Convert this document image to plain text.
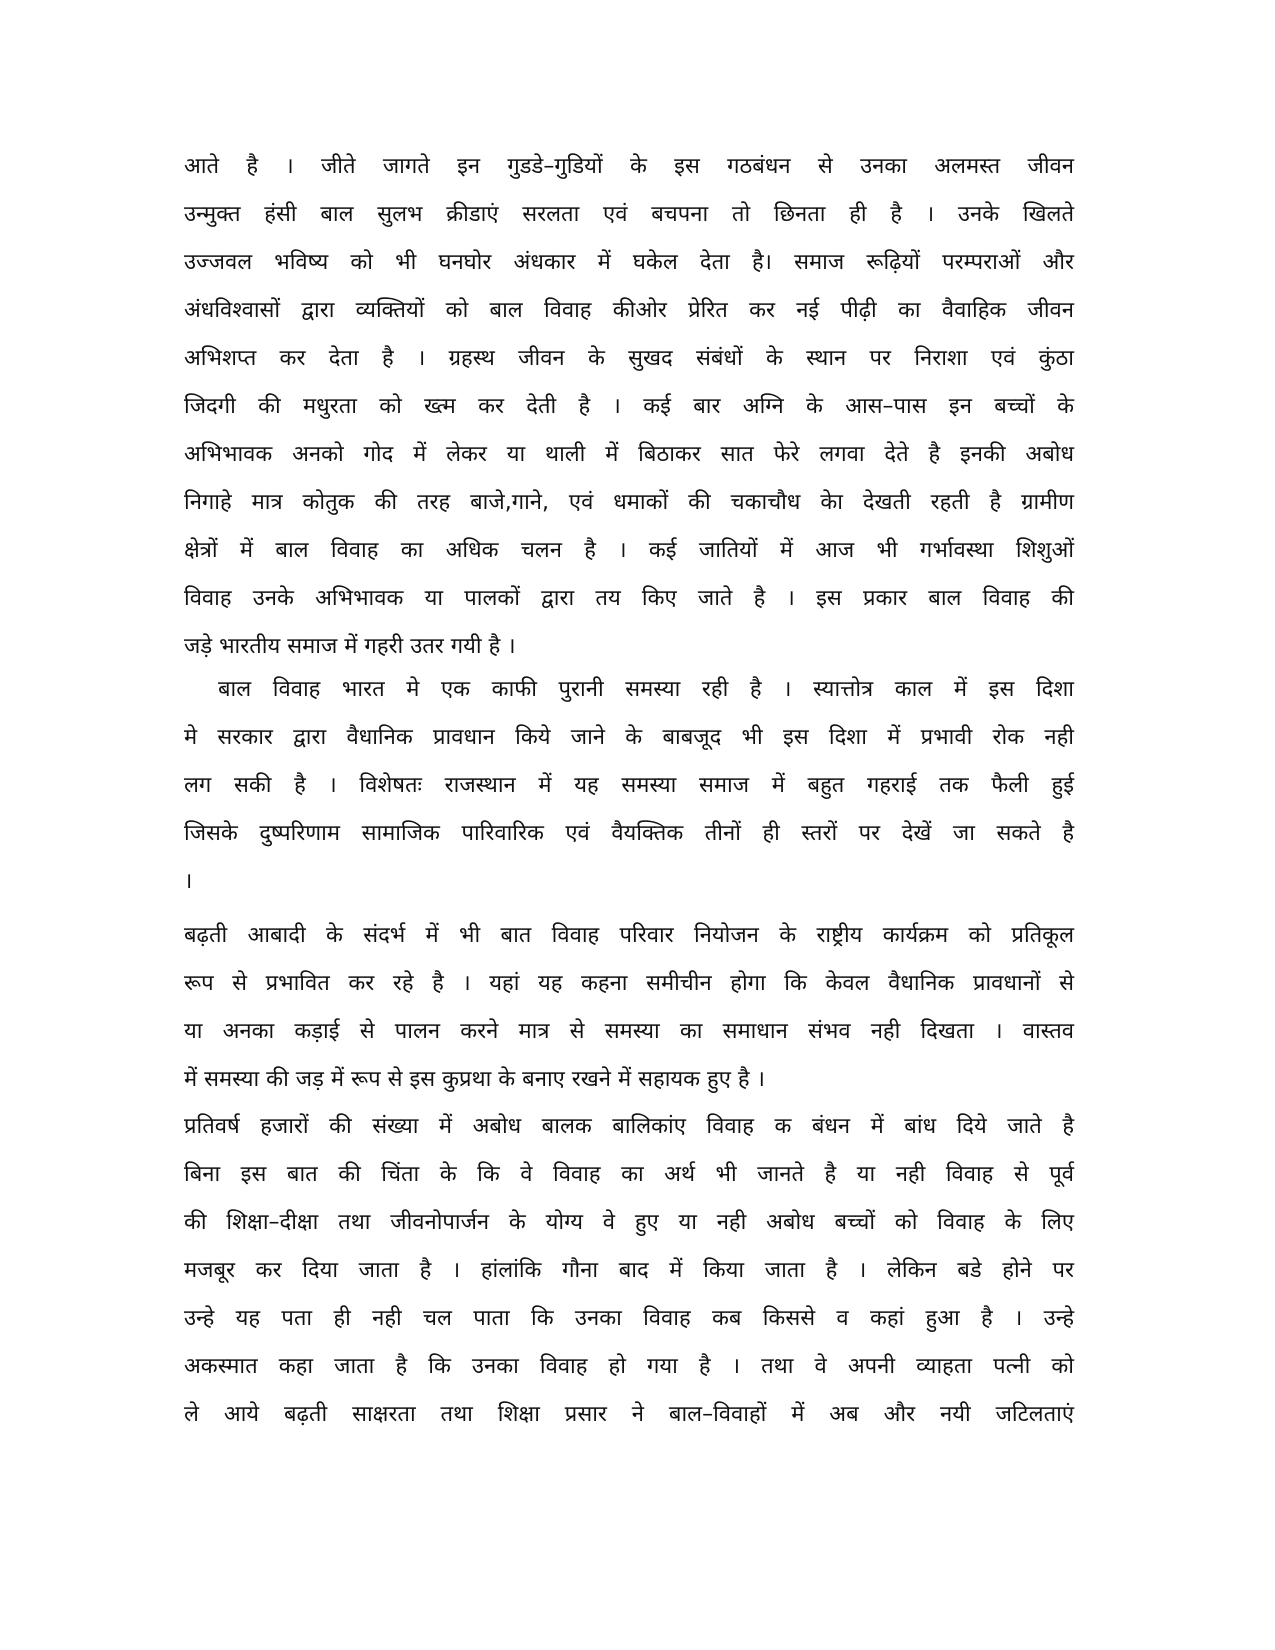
आते है । जीते जागते इन गुडडे–गुडियों के इस गठबंधन से उनका अलमस्त जीवन
उन्मुक्त हंसी बाल सुलभ क्रीडाएं सरलता एवं बचपना तो छिनता ही है । उनके खिलते
उज्जवल भविष्य को भी घनघोर अंधकार में घकेल देता है। समाज रूढ़ियों परम्पराओं और
अंधविश्वासों द्वारा व्यक्तियों को बाल विवाह कीओर प्रेरित कर नई पीढ़ी का वैवाहिक जीवन
अभिशप्त कर देता है । ग्रहस्थ जीवन के सुखद संबंधों के स्थान पर निराशा एवं कुंठा
जिदगी की मधुरता को ख्त्म कर देती है । कई बार अग्नि के आस–पास इन बच्चों के
अभिभावक अनको गोद में लेकर या थाली में बिठाकर सात फेरे लगवा देते है इनकी अबोध
निगाहे मात्र कोतुक की तरह बाजे,गाने, एवं धमाकों की चकाचौध केा देखती रहती है ग्रामीण
क्षेत्रों में बाल विवाह का अधिक चलन है । कई जातियों में आज भी गर्भावस्था शिशुओं
विवाह उनके अभिभावक या पालकों द्वारा तय किए जाते है । इस प्रकार बाल विवाह की
जड़े भारतीय समाज में गहरी उतर गयी है ।
बाल विवाह भारत मे एक काफी पुरानी समस्या रही है । स्यात्तोत्र काल में इस दिशा
मे सरकार द्वारा वैधानिक प्रावधान किये जाने के बाबजूद भी इस दिशा में प्रभावी रोक नही
लग सकी है । विशेषतः राजस्थान में यह समस्या समाज में बहुत गहराई तक फैली हुई
जिसके दुष्परिणाम सामाजिक पारिवारिक एवं वैयक्तिक तीनों ही स्तरों पर देखें जा सकते है
।
बढ़ती आबादी के संदर्भ में भी बात विवाह परिवार नियोजन के राष्ट्रीय कार्यक्रम को प्रतिकूल
रूप से प्रभावित कर रहे है । यहां यह कहना समीचीन होगा कि केवल वैधानिक प्रावधानों से
या अनका कड़ाई से पालन करने मात्र से समस्या का समाधान संभव नही दिखता । वास्तव
में समस्या की जड़ में रूप से इस कुप्रथा के बनाए रखने में सहायक हुए है ।
प्रतिवर्ष हजारों की संख्या में अबोध बालक बालिकांए विवाह क बंधन में बांध दिये जाते है
बिना इस बात की चिंता के कि वे विवाह का अर्थ भी जानते है या नही विवाह से पूर्व
की शिक्षा–दीक्षा तथा जीवनोपार्जन के योग्य वे हुए या नही अबोध बच्चों को विवाह के लिए
मजबूर कर दिया जाता है । हांलांकि गौना बाद में किया जाता है । लेकिन बडे होने पर
उन्हे यह पता ही नही चल पाता कि उनका विवाह कब किससे व कहां हुआ है । उन्हे
अकस्मात कहा जाता है कि उनका विवाह हो गया है । तथा वे अपनी व्याहता पत्नी को
ले आये बढ़ती साक्षरता तथा शिक्षा प्रसार ने बाल–विवाहों में अब और नयी जटिलताएं
